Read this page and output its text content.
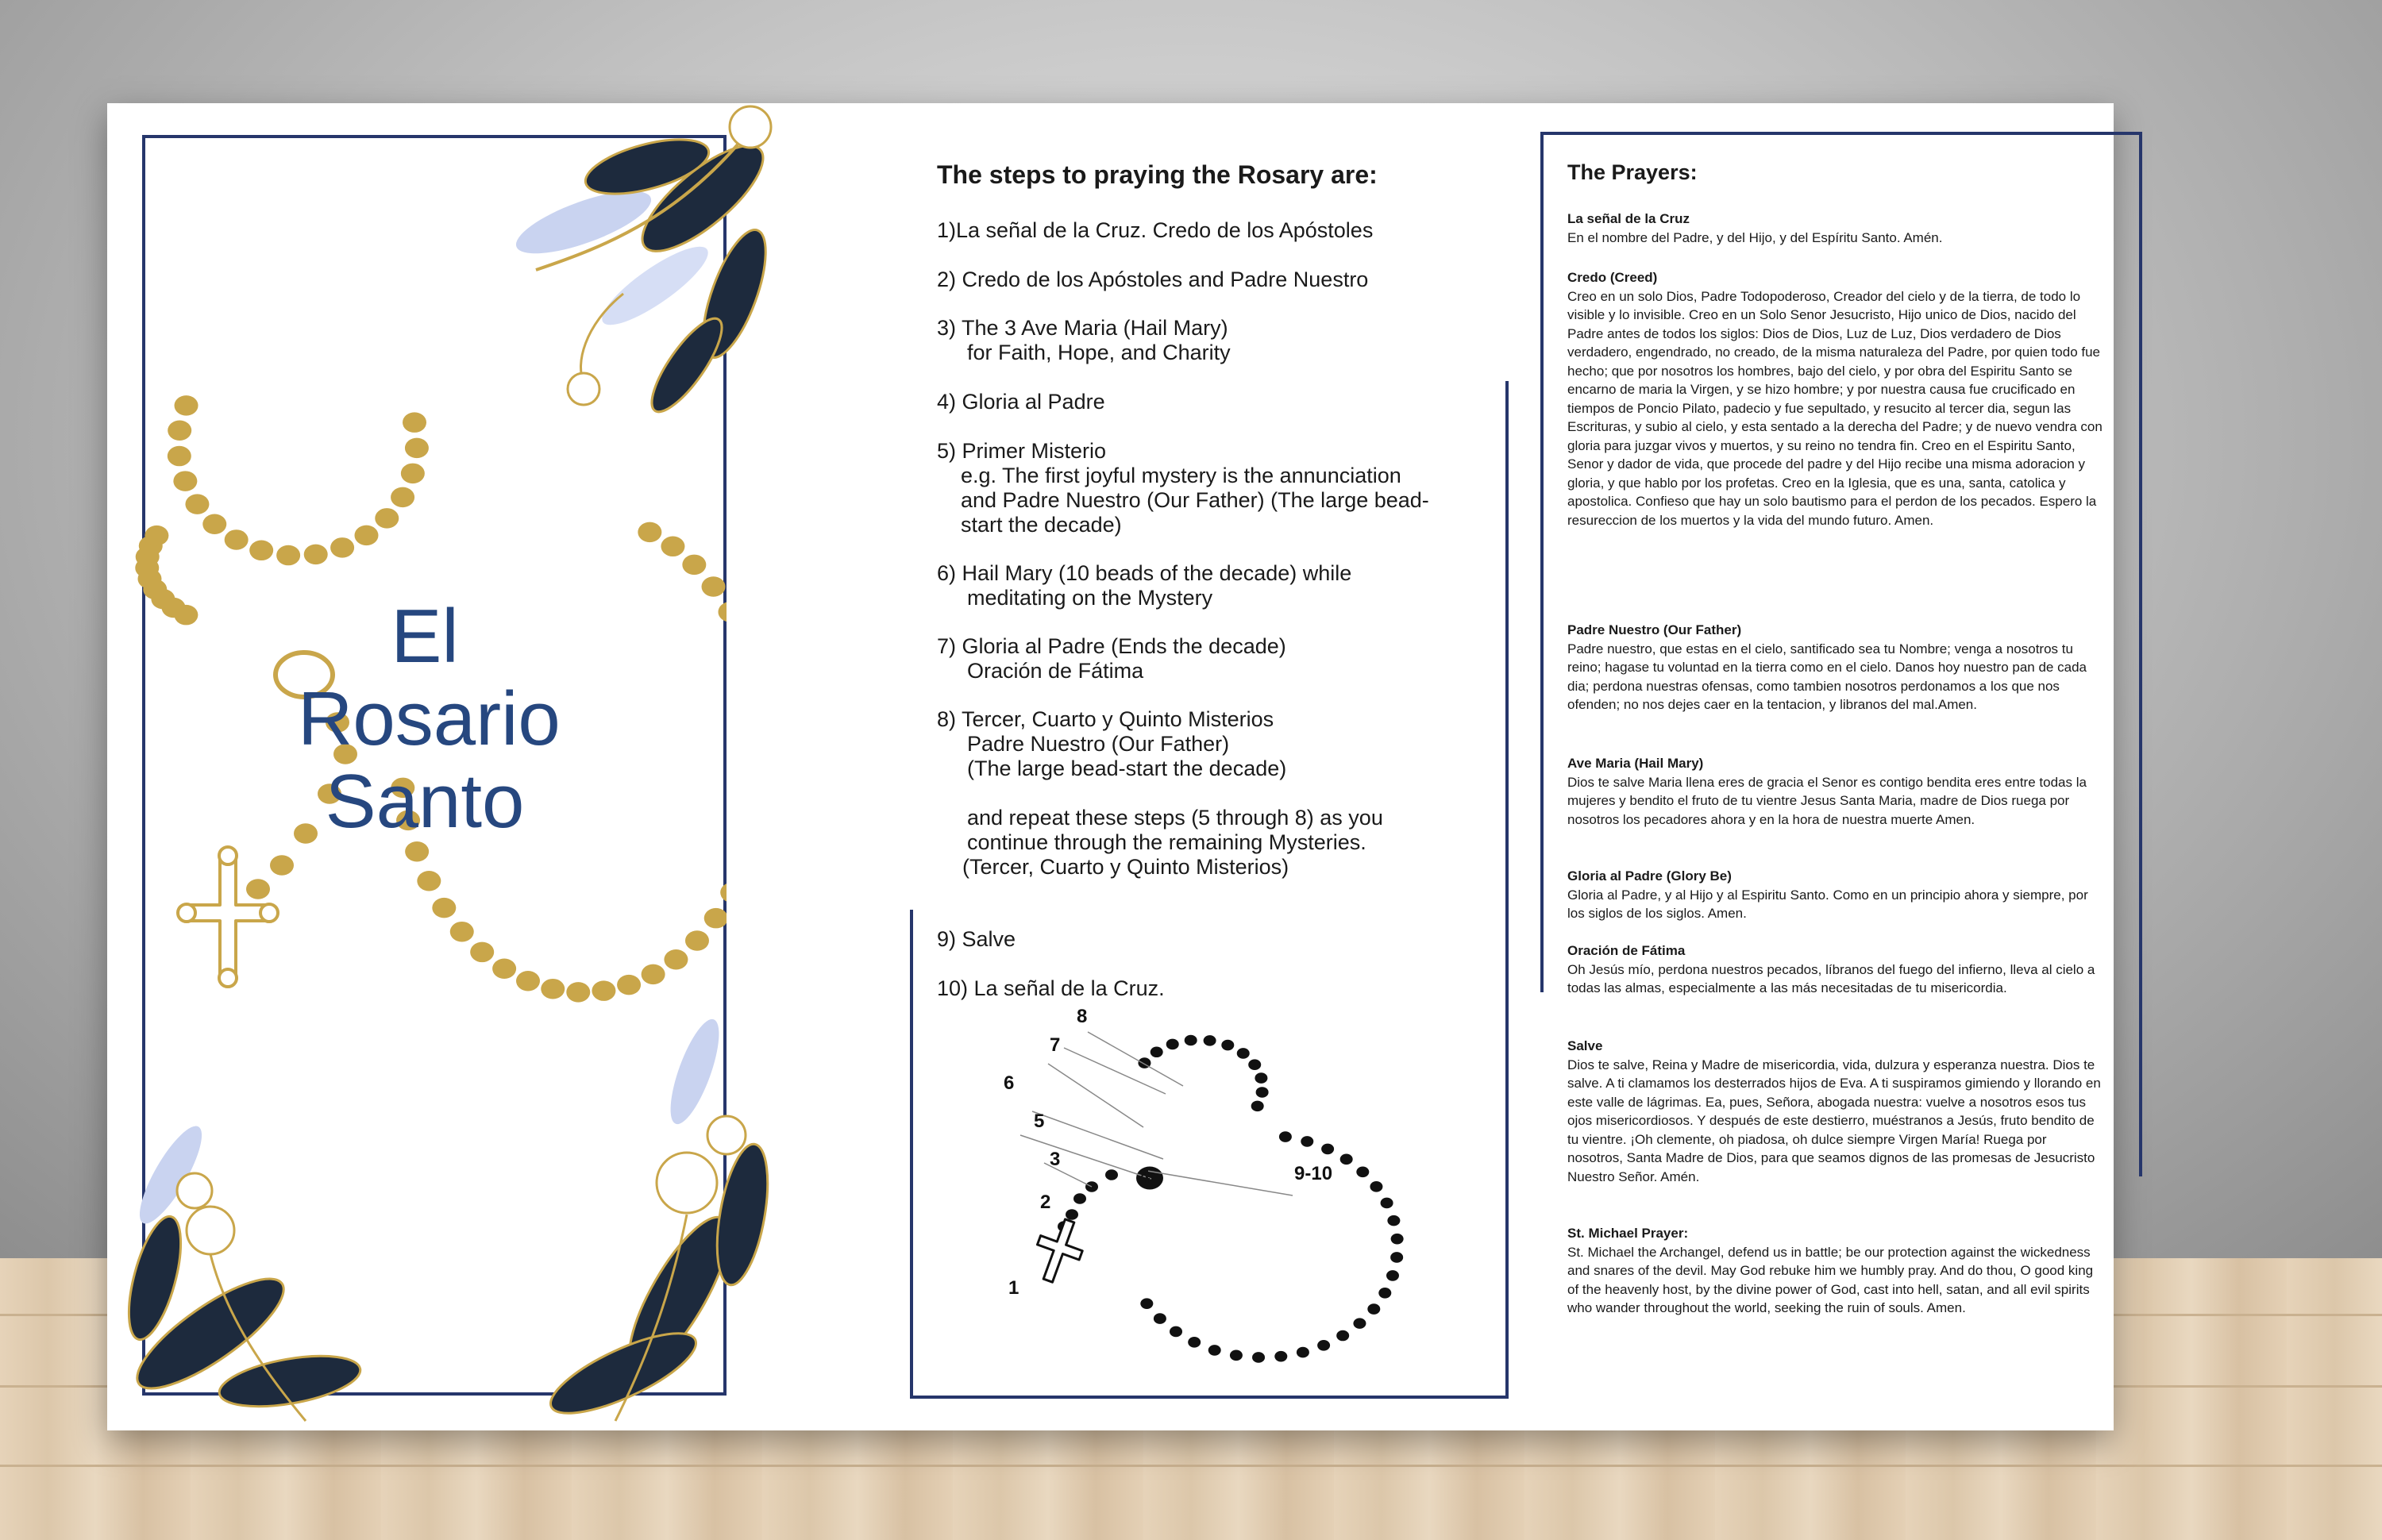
El
Rosario
Santo
The steps to praying the Rosary are:
1)La señal de la Cruz. Credo de los Apóstoles
2) Credo de los Apóstoles and Padre Nuestro
3) The 3 Ave Maria (Hail Mary)
for Faith, Hope, and Charity
4) Gloria al Padre
5) Primer Misterio
e.g. The first joyful mystery is the annunciation
and Padre Nuestro (Our Father) (The large bead-
start the decade)
6) Hail Mary (10 beads of the decade) while
meditating on the Mystery
7) Gloria al Padre (Ends the decade)
Oración de Fátima
8) Tercer, Cuarto y Quinto Misterios
Padre Nuestro (Our Father)
(The large bead-start the decade)
and repeat these steps (5 through 8) as you
continue through the remaining Mysteries.
(Tercer, Cuarto y Quinto Misterios)
9) Salve
10) La señal de la Cruz.
1
2
3
4
5
6
7
8
9-10
The Prayers:
La señal de la Cruz
En el nombre del Padre, y del Hijo, y del Espíritu Santo. Amén.
Credo (Creed)
Creo en un solo Dios, Padre Todopoderoso, Creador del cielo y de la tierra, de todo lo visible y lo invisible. Creo en un Solo Senor Jesucristo, Hijo unico de Dios, nacido del Padre antes de todos los siglos: Dios de Dios, Luz de Luz, Dios verdadero de Dios verdadero, engendrado, no creado, de la misma naturaleza del Padre, por quien todo fue hecho; que por nosotros los hombres, bajo del cielo, y por obra del Espiritu Santo se encarno de maria la Virgen, y se hizo hombre; y por nuestra causa fue crucificado en tiempos de Poncio Pilato, padecio y fue sepultado, y resucito al tercer dia, segun las Escrituras, y subio al cielo, y esta sentado a la derecha del Padre; y de nuevo vendra con gloria para juzgar vivos y muertos, y su reino no tendra fin. Creo en el Espiritu Santo, Senor y dador de vida, que procede del padre y del Hijo recibe una misma adoracion y gloria, y que hablo por los profetas. Creo en la Iglesia, que es una, santa, catolica y apostolica. Confieso que hay un solo bautismo para el perdon de los pecados. Espero la resureccion de los muertos y la vida del mundo futuro. Amen.
Padre Nuestro (Our Father)
Padre nuestro, que estas en el cielo, santificado sea tu Nombre; venga a nosotros tu reino; hagase tu voluntad en la tierra como en el cielo. Danos hoy nuestro pan de cada dia; perdona nuestras ofensas, como tambien nosotros perdonamos a los que nos ofenden; no nos dejes caer en la tentacion, y libranos del mal.Amen.
Ave Maria (Hail Mary)
Dios te salve Maria llena eres de gracia el Senor es contigo bendita eres entre todas la mujeres y bendito el fruto de tu vientre Jesus Santa Maria, madre de Dios ruega por nosotros los pecadores ahora y en la hora de nuestra muerte Amen.
Gloria al Padre (Glory Be)
Gloria al Padre, y al Hijo y al Espiritu Santo. Como en un principio ahora y siempre, por los siglos de los siglos. Amen.
Oración de Fátima
Oh Jesús mío, perdona nuestros pecados, líbranos del fuego del infierno, lleva al cielo a todas las almas, especialmente a las más necesitadas de tu misericordia.
Salve
Dios te salve, Reina y Madre de misericordia, vida, dulzura y esperanza nuestra. Dios te salve. A ti clamamos los desterrados hijos de Eva. A ti suspiramos gimiendo y llorando en este valle de lágrimas. Ea, pues, Señora, abogada nuestra: vuelve a nosotros esos tus ojos misericordiosos. Y después de este destierro, muéstranos a Jesús, fruto bendito de tu vientre. ¡Oh clemente, oh piadosa, oh dulce siempre Virgen María! Ruega por nosotros, Santa Madre de Dios, para que seamos dignos de las promesas de Jesucristo Nuestro Señor. Amén.
St. Michael Prayer:
St. Michael the Archangel, defend us in battle; be our protection against the wickedness and snares of the devil. May God rebuke him we humbly pray. And do thou, O good king of the heavenly host, by the divine power of God, cast into hell, satan, and all evil spirits who wander throughout the world, seeking the ruin of souls. Amen.
